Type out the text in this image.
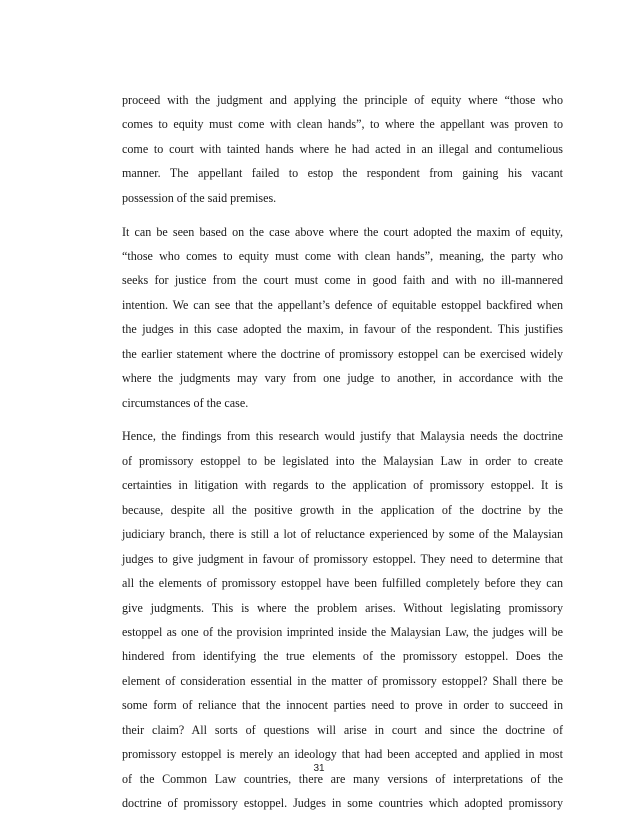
proceed with the judgment and applying the principle of equity where “those who
comes to equity must come with clean hands”, to where the appellant was proven to
come to court with tainted hands where he had acted in an illegal and contumelious
manner. The appellant failed to estop the respondent from gaining his vacant
possession of the said premises.
It can be seen based on the case above where the court adopted the maxim of equity,
“those who comes to equity must come with clean hands”, meaning, the party who
seeks for justice from the court must come in good faith and with no ill-mannered
intention. We can see that the appellant’s defence of equitable estoppel backfired when
the judges in this case adopted the maxim, in favour of the respondent. This justifies
the earlier statement where the doctrine of promissory estoppel can be exercised widely
where the judgments may vary from one judge to another, in accordance with the
circumstances of the case.
Hence, the findings from this research would justify that Malaysia needs the doctrine
of promissory estoppel to be legislated into the Malaysian Law in order to create
certainties in litigation with regards to the application of promissory estoppel. It is
because, despite all the positive growth in the application of the doctrine by the
judiciary branch, there is still a lot of reluctance experienced by some of the Malaysian
judges to give judgment in favour of promissory estoppel. They need to determine that
all the elements of promissory estoppel have been fulfilled completely before they can
give judgments. This is where the problem arises. Without legislating promissory
estoppel as one of the provision imprinted inside the Malaysian Law, the judges will be
hindered from identifying the true elements of the promissory estoppel. Does the
element of consideration essential in the matter of promissory estoppel? Shall there be
some form of reliance that the innocent parties need to prove in order to succeed in
their claim? All sorts of questions will arise in court and since the doctrine of
promissory estoppel is merely an ideology that had been accepted and applied in most
of the Common Law countries, there are many versions of interpretations of the
doctrine of promissory estoppel. Judges in some countries which adopted promissory
31
